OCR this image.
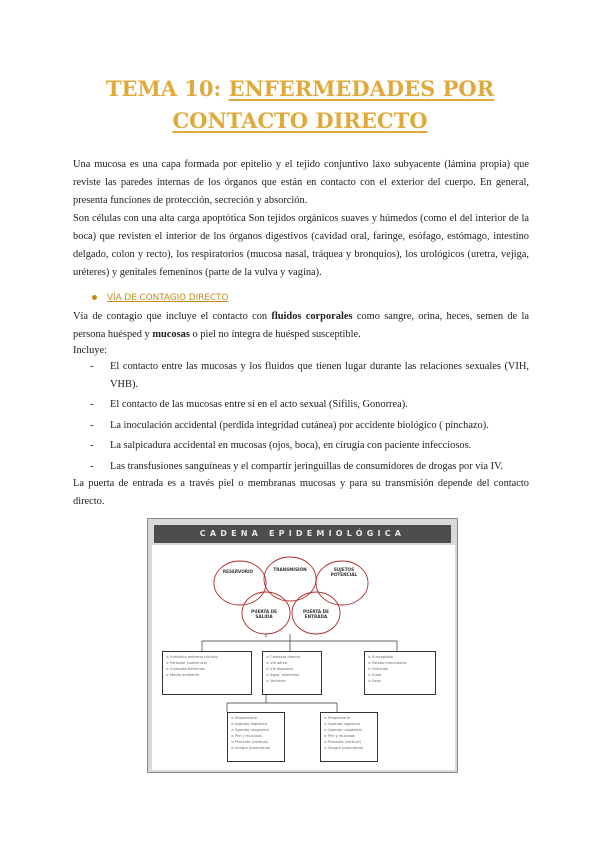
TEMA 10: ENFERMEDADES POR
CONTACTO DIRECTO

Una mucosa es una capa formada por epitelio y el tejido conjuntivo laxo subyacente (lámina propia) que reviste las paredes internas de los órganos que están en contacto con el exterior del cuerpo. En general, presenta funciones de protección, secreción y absorción.

Son células con una alta carga apoptótica Son tejidos orgánicos suaves y húmedos (como el del interior de la boca) que revisten el interior de los órganos digestivos (cavidad oral, faringe, esófago, estómago, intestino delgado, colon y recto), los respiratorios (mucosa nasal, tráquea y bronquios), los urológicos (uretra, vejiga, uréteres) y genitales femeninos (parte de la vulva y vagina).

VÍA DE CONTAGIO DIRECTO

Vía de contagio que incluye el contacto con fluidos corporales como sangre, orina, heces, semen de la persona huésped y mucosas o piel no íntegra de huésped susceptible.

Incluye:

- El contacto entre las mucosas y los fluidos que tienen lugar durante las relaciones sexuales (VIH, VHB).
- El contacto de las mucosas entre sí en el acto sexual (Sífilis, Gonorrea).
- La inoculación accidental (perdida integridad cutánea) por accidente biológico ( pinchazo).
- La salpicadura accidental en mucosas (ojos, boca), en cirugía con paciente infecciosos.
- Las transfusiones sanguíneas y el compartir jeringuillas de consumidores de drogas por vía IV.

La puerta de entrada es a través piel o membranas mucosas y para su transmisión depende del contacto directo.

CADENA EPIDEMIOLÓGICA
RESERVORIO	TRANSMISIÓN	SUJETOS POTENCIAL
PUERTA DE SALIDA
PUERTA DE ENTRADA
> Individuo enfermo (clínico)
> Portador (subclínico)
> Animales enfermos
> Medio ambiente
> Contacto directo
> Vía aérea
> Vía digestiva
> Agua, alimentos
> Vectores
> Susceptible
> Estado inmunitario
> Nutrición
> Edad
> Sexo
> Respiratoria
> Aparato digestivo
> Aparato urogenital
> Piel y mucosas
> Placenta (vertical)
> Sangre (parenteral)
> Respiratoria
> Aparato digestivo
> Aparato urogenital
> Piel y mucosas
> Placenta (vertical)
> Sangre (parenteral)
